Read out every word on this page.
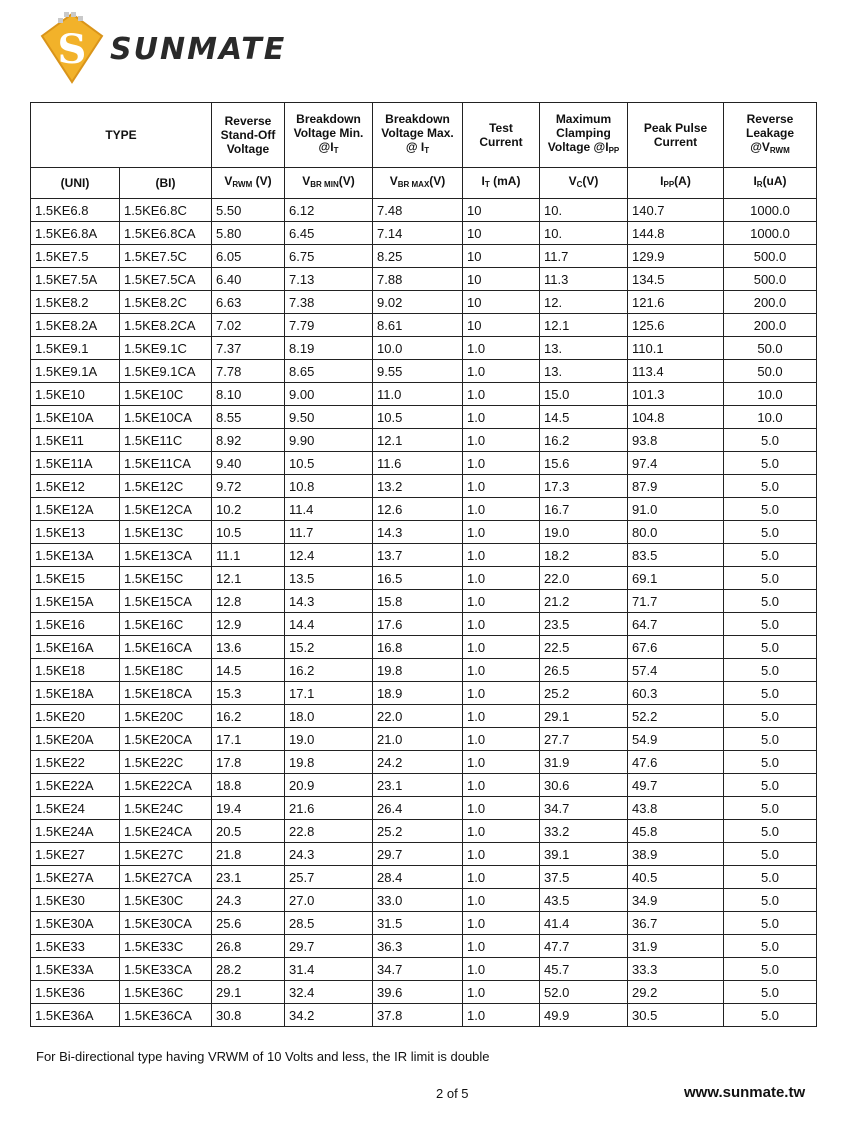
S SUNMATE
TYPE		Reverse Stand-Off Voltage	Breakdown Voltage Min. $@I_T$	Breakdown Voltage Max. @ $I_T$	Test Current	Maximum Clamping Voltage $@I_{PP}$	Peak Pulse Current	Reverse Leakage $@V_{RWM}$
(UNI)	(BI)	$V_{RWM}$ (V)	$V_{BR MIN}(V)$	$V_{BR MAX}(V)$	$I_T$ (mA)	$V_C(V)$	$I_{PP}(A)$	$I_R(uA)$
1.5KE6.8	1.5KE6.8C	5.50	6.12	7.48	10	10.	140.7	1000.0
1.5KE6.8A	1.5KE6.8CA	5.80	6.45	7.14	10	10.	144.8	1000.0
1.5KE7.5	1.5KE7.5C	6.05	6.75	8.25	10	11.7	129.9	500.0
1.5KE7.5A	1.5KE7.5CA	6.40	7.13	7.88	10	11.3	134.5	500.0
1.5KE8.2	1.5KE8.2C	6.63	7.38	9.02	10	12.	121.6	200.0
1.5KE8.2A	1.5KE8.2CA	7.02	7.79	8.61	10	12.1	125.6	200.0
1.5KE9.1	1.5KE9.1C	7.37	8.19	10.0	1.0	13.	110.1	50.0
1.5KE9.1A	1.5KE9.1CA	7.78	8.65	9.55	1.0	13.	113.4	50.0
1.5KE10	1.5KE10C	8.10	9.00	11.0	1.0	15.0	101.3	10.0
1.5KE10A	1.5KE10CA	8.55	9.50	10.5	1.0	14.5	104.8	10.0
1.5KE11	1.5KE11C	8.92	9.90	12.1	1.0	16.2	93.8	5.0
1.5KE11A	1.5KE11CA	9.40	10.5	11.6	1.0	15.6	97.4	5.0
1.5KE12	1.5KE12C	9.72	10.8	13.2	1.0	17.3	87.9	5.0
1.5KE12A	1.5KE12CA	10.2	11.4	12.6	1.0	16.7	91.0	5.0
1.5KE13	1.5KE13C	10.5	11.7	14.3	1.0	19.0	80.0	5.0
1.5KE13A	1.5KE13CA	11.1	12.4	13.7	1.0	18.2	83.5	5.0
1.5KE15	1.5KE15C	12.1	13.5	16.5	1.0	22.0	69.1	5.0
1.5KE15A	1.5KE15CA	12.8	14.3	15.8	1.0	21.2	71.7	5.0
1.5KE16	1.5KE16C	12.9	14.4	17.6	1.0	23.5	64.7	5.0
1.5KE16A	1.5KE16CA	13.6	15.2	16.8	1.0	22.5	67.6	5.0
1.5KE18	1.5KE18C	14.5	16.2	19.8	1.0	26.5	57.4	5.0
1.5KE18A	1.5KE18CA	15.3	17.1	18.9	1.0	25.2	60.3	5.0
1.5KE20	1.5KE20C	16.2	18.0	22.0	1.0	29.1	52.2	5.0
1.5KE20A	1.5KE20CA	17.1	19.0	21.0	1.0	27.7	54.9	5.0
1.5KE22	1.5KE22C	17.8	19.8	24.2	1.0	31.9	47.6	5.0
1.5KE22A	1.5KE22CA	18.8	20.9	23.1	1.0	30.6	49.7	5.0
1.5KE24	1.5KE24C	19.4	21.6	26.4	1.0	34.7	43.8	5.0
1.5KE24A	1.5KE24CA	20.5	22.8	25.2	1.0	33.2	45.8	5.0
1.5KE27	1.5KE27C	21.8	24.3	29.7	1.0	39.1	38.9	5.0
1.5KE27A	1.5KE27CA	23.1	25.7	28.4	1.0	37.5	40.5	5.0
1.5KE30	1.5KE30C	24.3	27.0	33.0	1.0	43.5	34.9	5.0
1.5KE30A	1.5KE30CA	25.6	28.5	31.5	1.0	41.4	36.7	5.0
1.5KE33	1.5KE33C	26.8	29.7	36.3	1.0	47.7	31.9	5.0
1.5KE33A	1.5KE33CA	28.2	31.4	34.7	1.0	45.7	33.3	5.0
1.5KE36	1.5KE36C	29.1	32.4	39.6	1.0	52.0	29.2	5.0
1.5KE36A	1.5KE36CA	30.8	34.2	37.8	1.0	49.9	30.5	5.0
For Bi-directional type having VRWM of 10 Volts and less, the IR limit is double
2 of 5	www.sunmate.tw
